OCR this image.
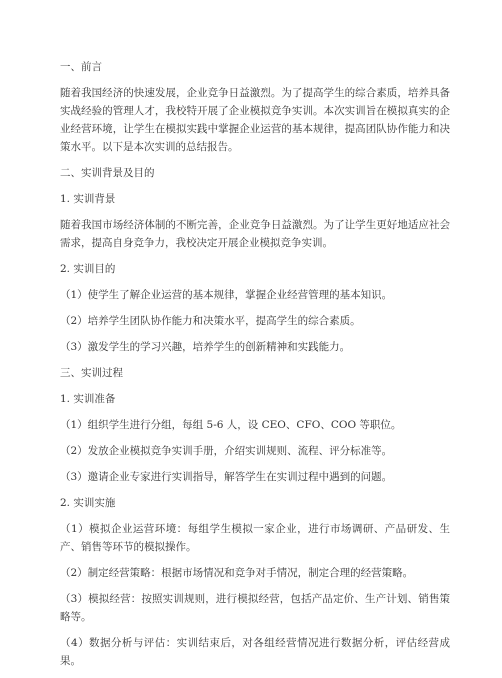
一、前言
随着我国经济的快速发展，企业竞争日益激烈。为了提高学生的综合素质，培养具备实战经验的管理人才，我校特开展了企业模拟竞争实训。本次实训旨在模拟真实的企业经营环境，让学生在模拟实践中掌握企业运营的基本规律，提高团队协作能力和决策水平。以下是本次实训的总结报告。
二、实训背景及目的
1. 实训背景
随着我国市场经济体制的不断完善，企业竞争日益激烈。为了让学生更好地适应社会需求，提高自身竞争力，我校决定开展企业模拟竞争实训。
2. 实训目的
（1）使学生了解企业运营的基本规律，掌握企业经营管理的基本知识。
（2）培养学生团队协作能力和决策水平，提高学生的综合素质。
（3）激发学生的学习兴趣，培养学生的创新精神和实践能力。
三、实训过程
1. 实训准备
（1）组织学生进行分组，每组 5-6 人，设 CEO、CFO、COO 等职位。
（2）发放企业模拟竞争实训手册，介绍实训规则、流程、评分标准等。
（3）邀请企业专家进行实训指导，解答学生在实训过程中遇到的问题。
2. 实训实施
（1）模拟企业运营环境：每组学生模拟一家企业，进行市场调研、产品研发、生产、销售等环节的模拟操作。
（2）制定经营策略：根据市场情况和竞争对手情况，制定合理的经营策略。
（3）模拟经营：按照实训规则，进行模拟经营，包括产品定价、生产计划、销售策略等。
（4）数据分析与评估：实训结束后，对各组经营情况进行数据分析，评估经营成果。
